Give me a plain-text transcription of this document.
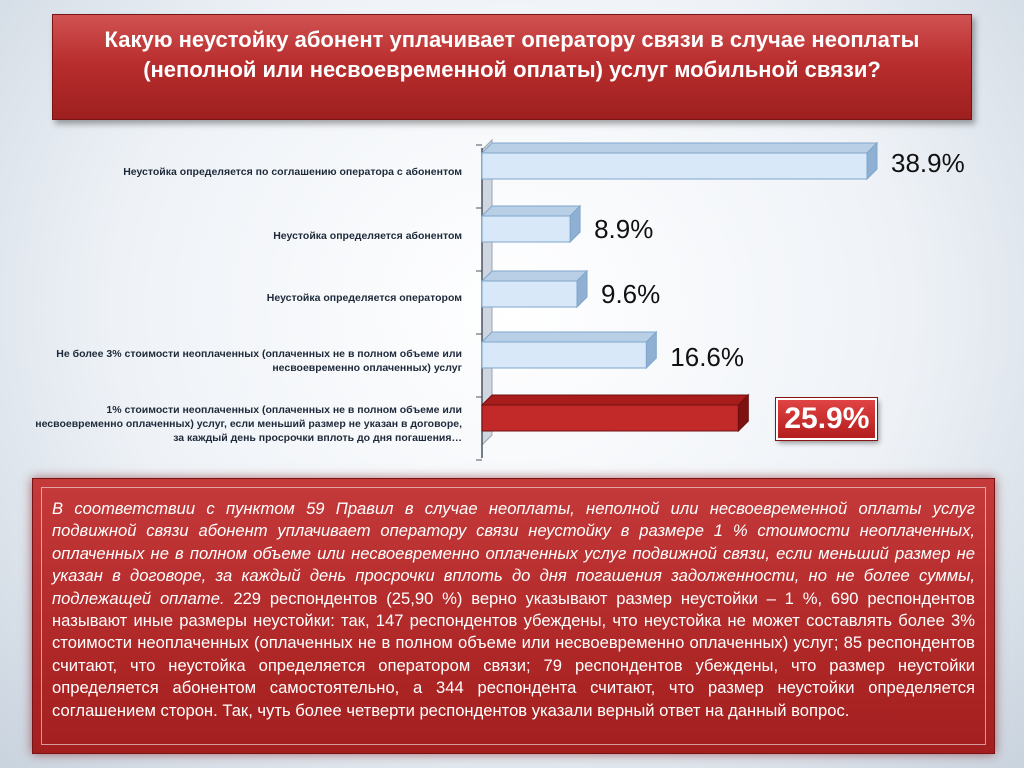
Какую неустойку абонент уплачивает оператору связи в случае неоплаты (неполной или несвоевременной оплаты) услуг мобильной связи?
Неустойка определяется по соглашению оператора с абонентом	38.9%
Неустойка определяется абонентом	8.9%
Неустойка определяется оператором	9.6%
Не более 3% стоимости неоплаченных (оплаченных не в полном объеме или несвоевременно оплаченных) услуг	16.6%
1% стоимости неоплаченных (оплаченных не в полном объеме или несвоевременно оплаченных) услуг, если меньший размер не указан в договоре, за каждый день просрочки вплоть до дня погашения…
25.9%
В соответствии с пунктом 59 Правил в случае неоплаты, неполной или несвоевременной оплаты услуг подвижной связи абонент уплачивает оператору связи неустойку в размере 1 % стоимости неоплаченных, оплаченных не в полном объеме или несвоевременно оплаченных услуг подвижной связи, если меньший размер не указан в договоре, за каждый день просрочки вплоть до дня погашения задолженности, но не более суммы, подлежащей оплате. 229 респондентов (25,90 %) верно указывают размер неустойки – 1 %, 690 респондентов называют иные размеры неустойки: так, 147 респондентов убеждены, что неустойка не может составлять более 3% стоимости неоплаченных (оплаченных не в полном объеме или несвоевременно оплаченных) услуг; 85 респондентов считают, что неустойка определяется оператором связи; 79 респондентов убеждены, что размер неустойки определяется абонентом самостоятельно, а 344 респондента считают, что размер неустойки определяется соглашением сторон. Так, чуть более четверти респондентов указали верный ответ на данный вопрос.
